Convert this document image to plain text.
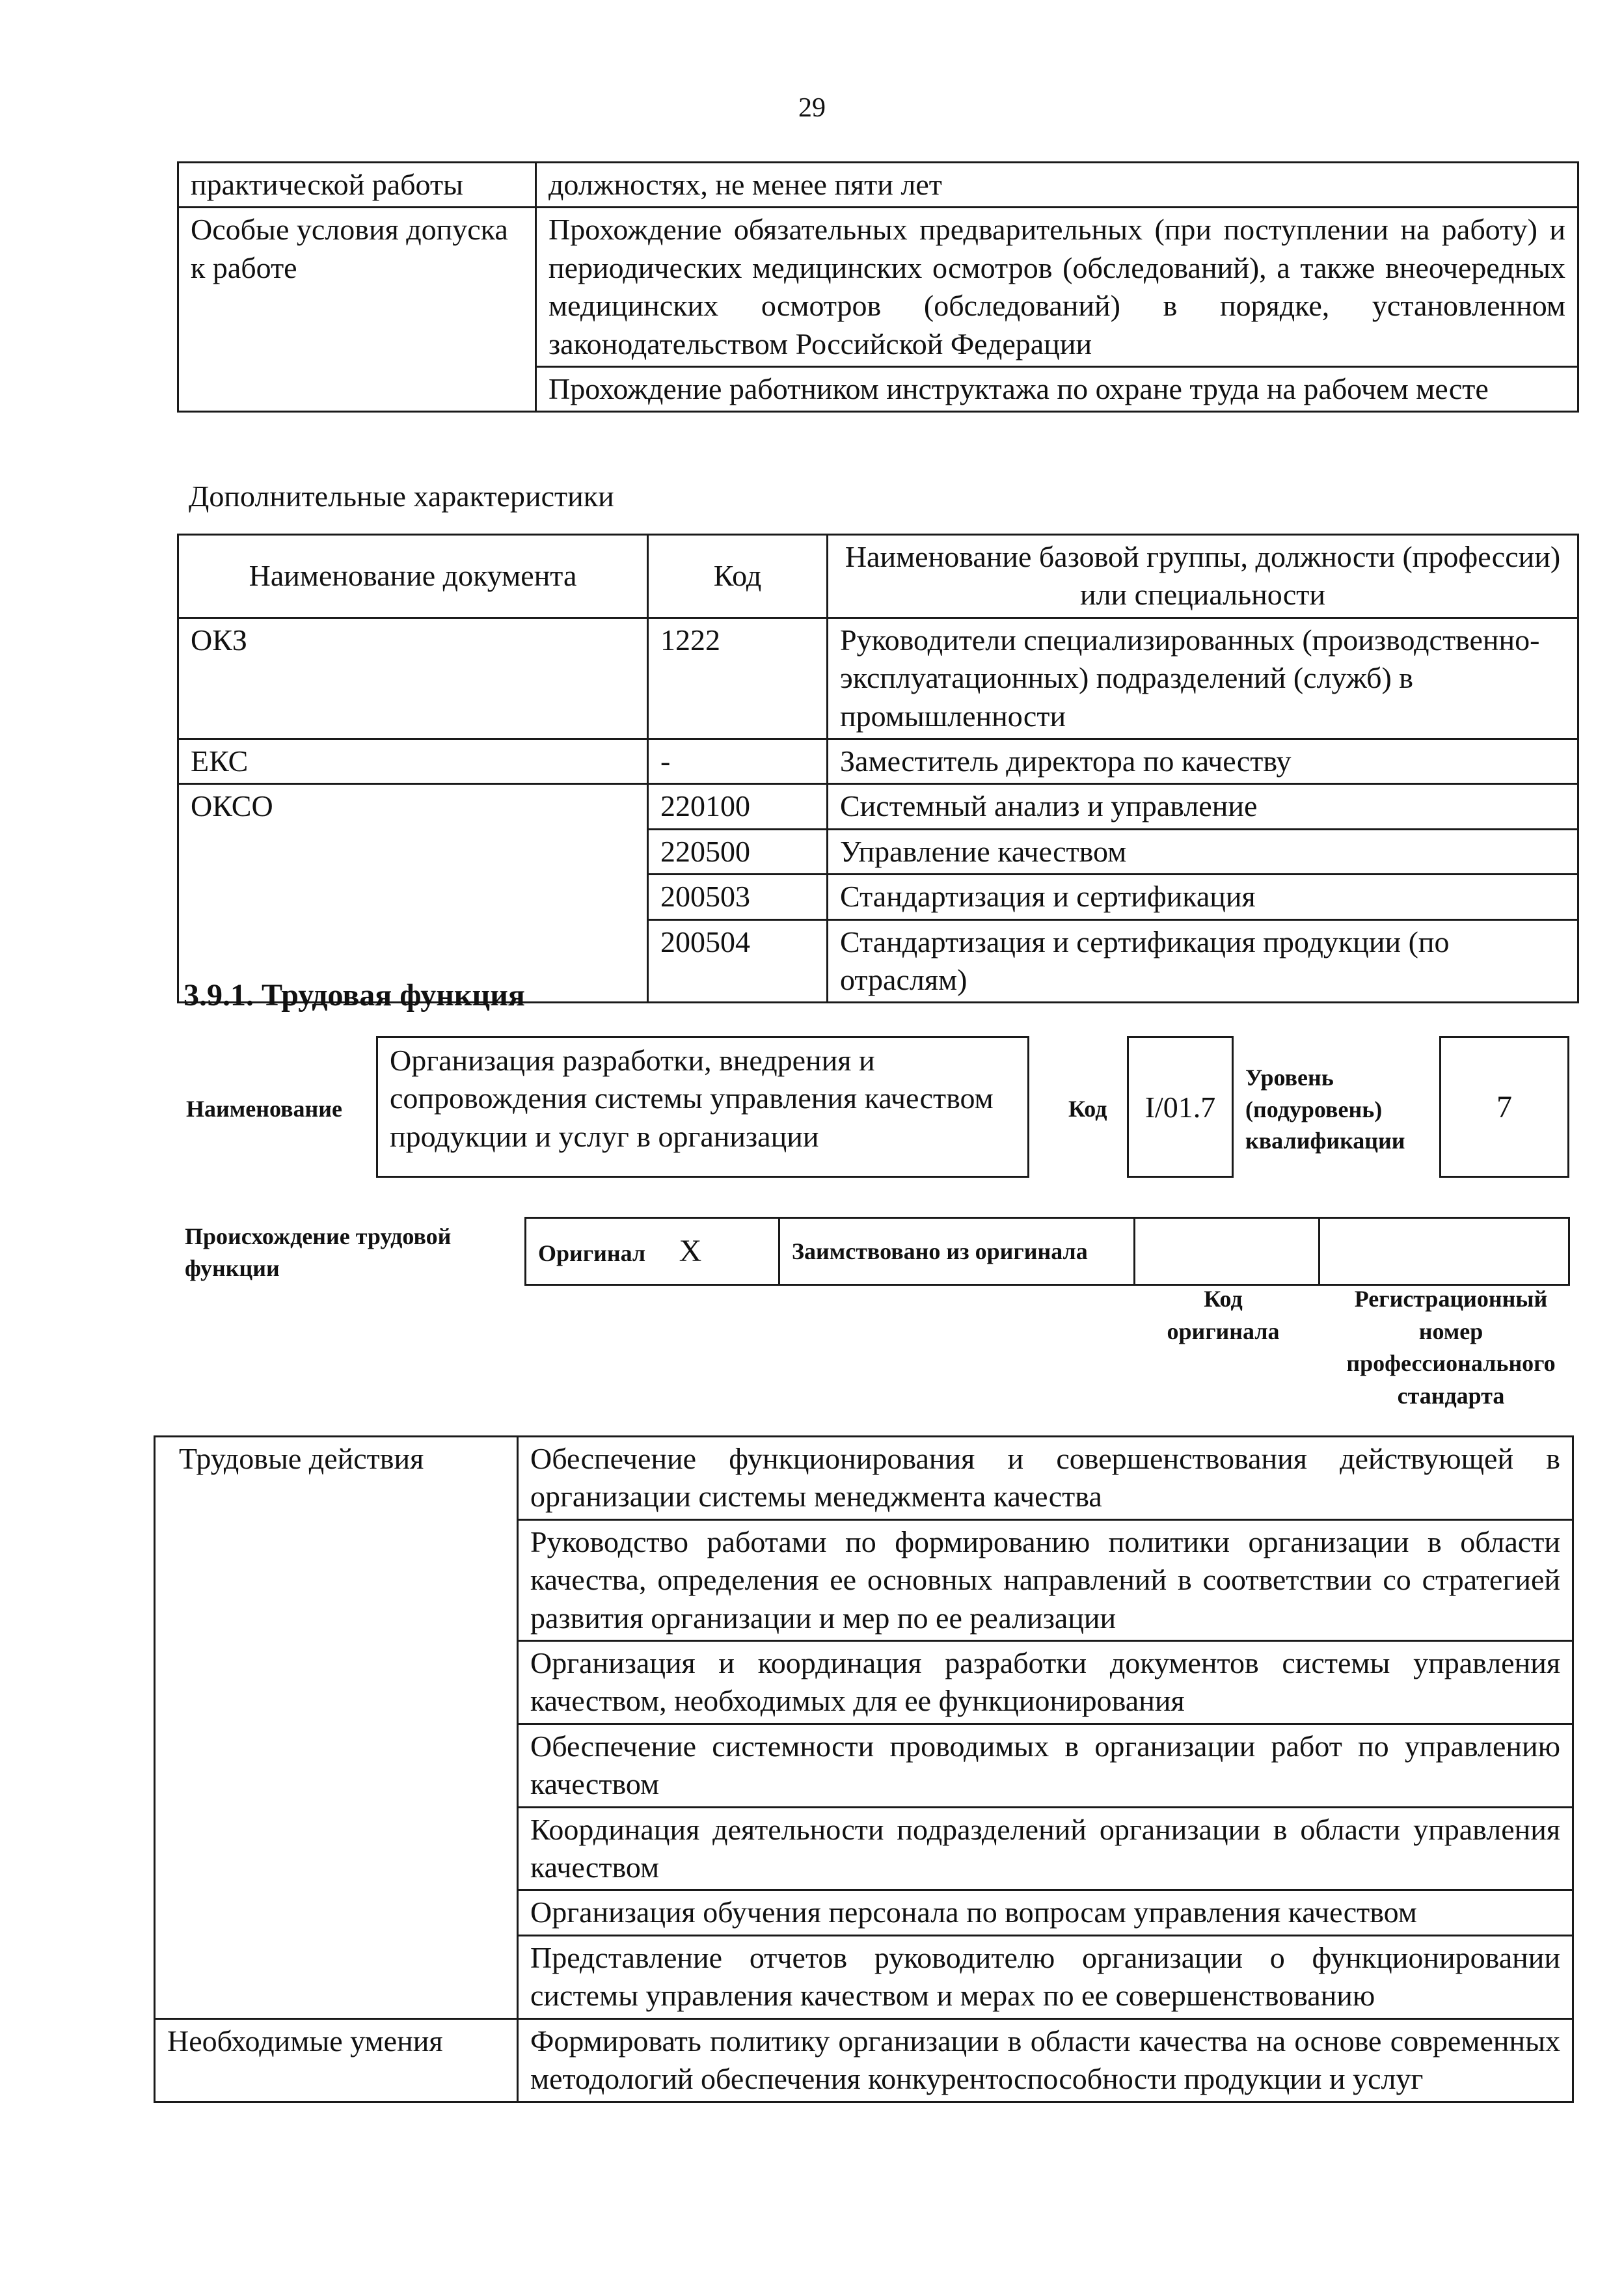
29
практической работы	должностях, не менее пяти лет
Особые условия допуска к работе	Прохождение обязательных предварительных (при поступлении на работу) и периодических медицинских осмотров (обследований), а также внеочередных медицинских осмотров (обследований) в порядке, установленном законодательством Российской Федерации
	Прохождение работником инструктажа по охране труда на рабочем месте
Дополнительные характеристики
Наименование документа	Код	Наименование базовой группы, должности (профессии) или специальности
ОКЗ	1222	Руководители специализированных (производственно-эксплуатационных) подразделений (служб) в промышленности
ЕКС	-	Заместитель директора по качеству
ОКСО	220100	Системный анализ и управление
	220500	Управление качеством
	200503	Стандартизация и сертификация
	200504	Стандартизация и сертификация продукции (по отраслям)
3.9.1. Трудовая функция
Наименование
Организация разработки, внедрения и сопровождения системы управления качеством продукции и услуг в организации
Код I/01.7
Уровень (подуровень) квалификации
7
Происхождение трудовой функции
Оригинал X	Заимствовано из оригинала		
Код оригинала
Регистрационный номер профессионального стандарта
Трудовые действия	Обеспечение функционирования и совершенствования действующей в организации системы менеджмента качества
	Руководство работами по формированию политики организации в области качества, определения ее основных направлений в соответствии со стратегией развития организации и мер по ее реализации
	Организация и координация разработки документов системы управления качеством, необходимых для ее функционирования
	Обеспечение системности проводимых в организации работ по управлению качеством
	Координация деятельности подразделений организации в области управления качеством
	Организация обучения персонала по вопросам управления качеством
	Представление отчетов руководителю организации о функционировании системы управления качеством и мерах по ее совершенствованию
Необходимые умения	Формировать политику организации в области качества на основе современных методологий обеспечения конкурентоспособности продукции и услуг
